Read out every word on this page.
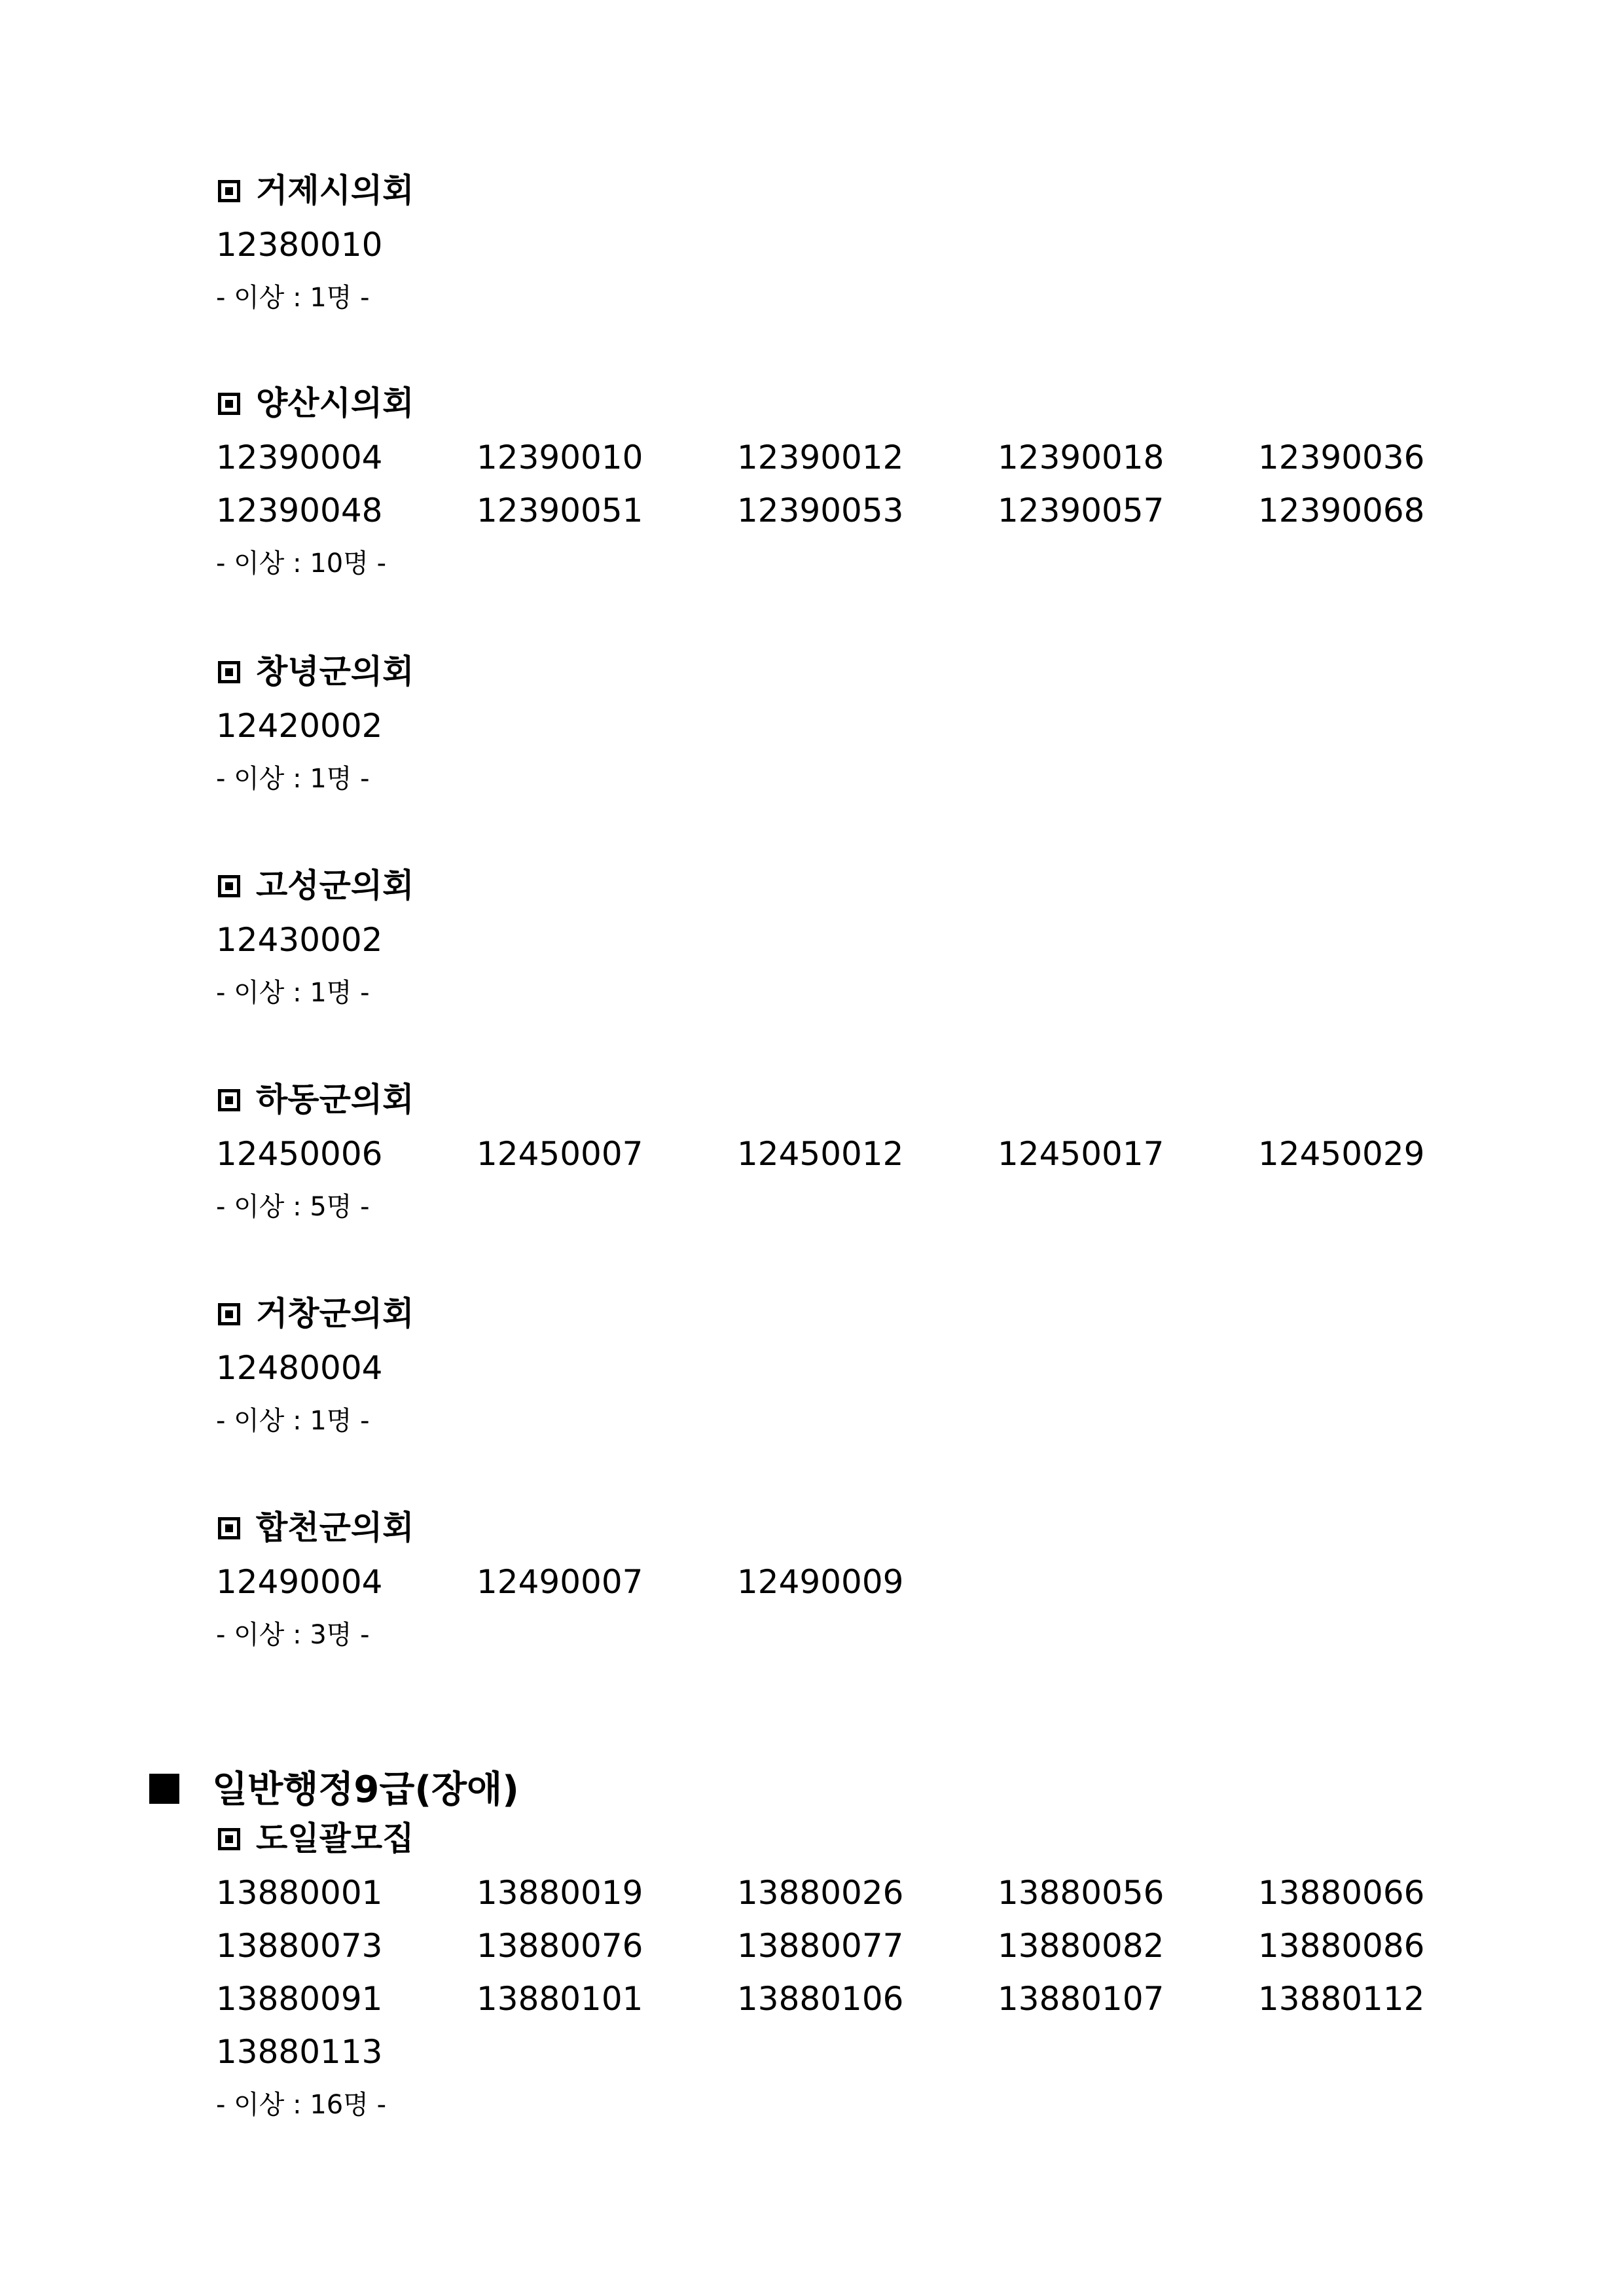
거제시의회
12380010
- 이상 : 1명 -
양산시의회
12390004	12390010	12390012	12390018	12390036
12390048	12390051	12390053	12390057	12390068
- 이상 : 10명 -
창녕군의회
12420002
- 이상 : 1명 -
고성군의회
12430002
- 이상 : 1명 -
하동군의회
12450006	12450007	12450012	12450017	12450029
- 이상 : 5명 -
거창군의회
12480004
- 이상 : 1명 -
합천군의회
12490004	12490007	12490009
- 이상 : 3명 -
일반행정9급(장애)
도일괄모집
13880001	13880019	13880026	13880056	13880066
13880073	13880076	13880077	13880082	13880086
13880091	13880101	13880106	13880107	13880112
13880113
- 이상 : 16명 -
